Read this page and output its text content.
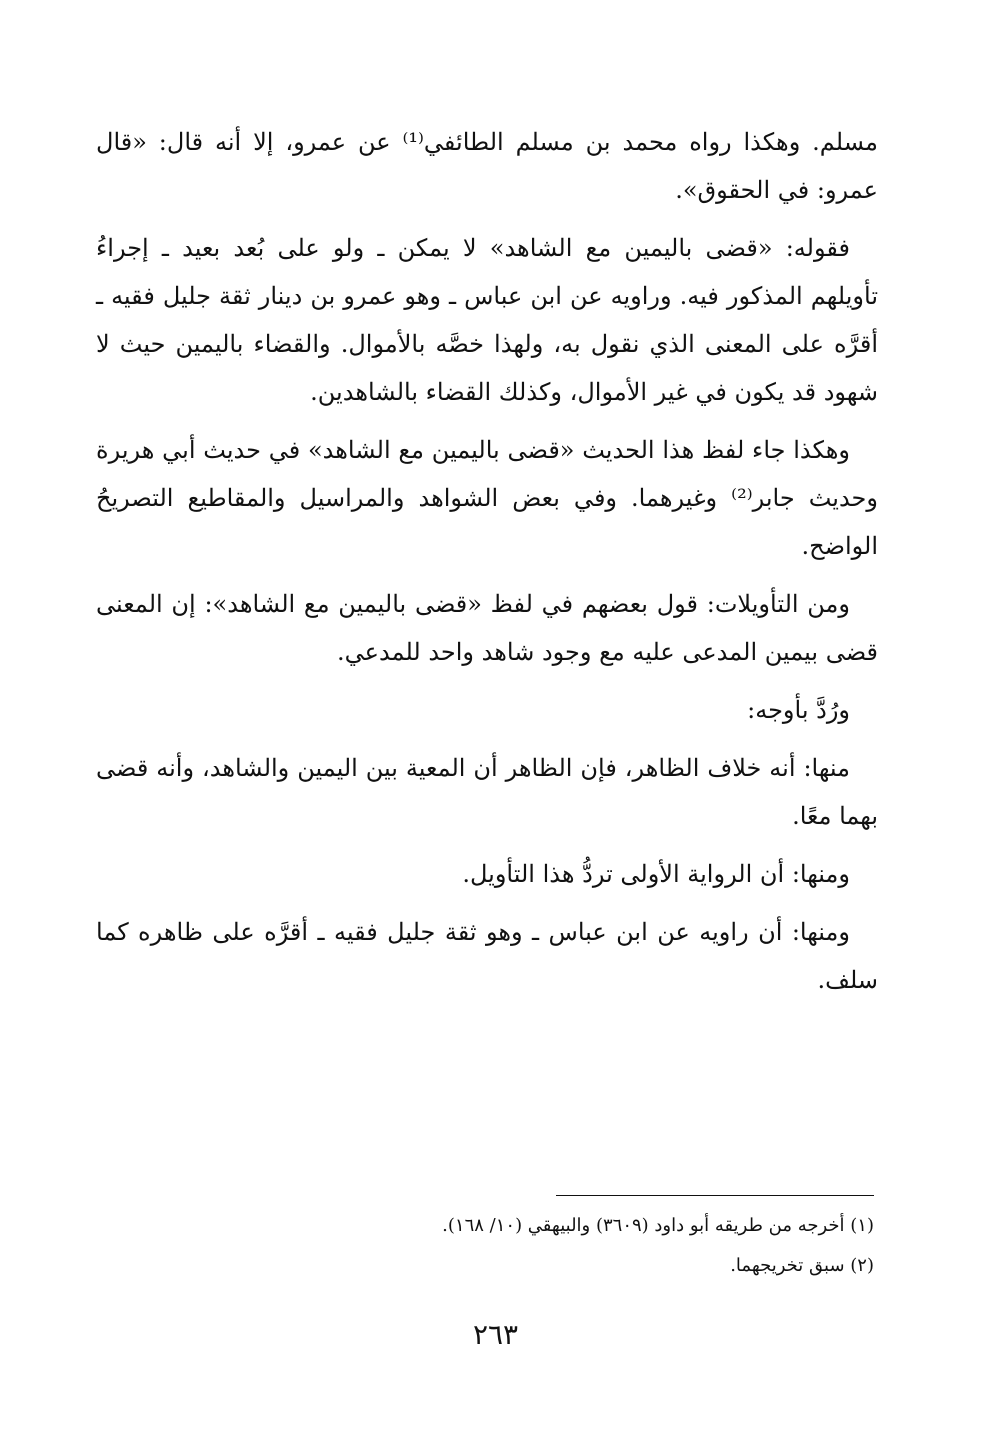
مسلم. وهكذا رواه محمد بن مسلم الطائفي⁽¹⁾ عن عمرو، إلا أنه قال: «قال عمرو: في الحقوق».

فقوله: «قضى باليمين مع الشاهد» لا يمكن ـ ولو على بُعد بعيد ـ إجراءُ تأويلهم المذكور فيه. وراويه عن ابن عباس ـ وهو عمرو بن دينار ثقة جليل فقيه ـ أقرَّه على المعنى الذي نقول به، ولهذا خصَّه بالأموال. والقضاء باليمين حيث لا شهود قد يكون في غير الأموال، وكذلك القضاء بالشاهدين.

وهكذا جاء لفظ هذا الحديث «قضى باليمين مع الشاهد» في حديث أبي هريرة وحديث جابر⁽²⁾ وغيرهما. وفي بعض الشواهد والمراسيل والمقاطيع التصريحُ الواضح.

ومن التأويلات: قول بعضهم في لفظ «قضى باليمين مع الشاهد»: إن المعنى قضى بيمين المدعى عليه مع وجود شاهد واحد للمدعي.

ورُدَّ بأوجه:

منها: أنه خلاف الظاهر، فإن الظاهر أن المعية بين اليمين والشاهد، وأنه قضى بهما معًا.

ومنها: أن الرواية الأولى تردُّ هذا التأويل.

ومنها: أن راويه عن ابن عباس ـ وهو ثقة جليل فقيه ـ أقرَّه على ظاهره كما سلف.

(١) أخرجه من طريقه أبو داود (٣٦٠٩) والبيهقي (١٠/ ١٦٨).

(٢) سبق تخريجهما.

٢٦٣
